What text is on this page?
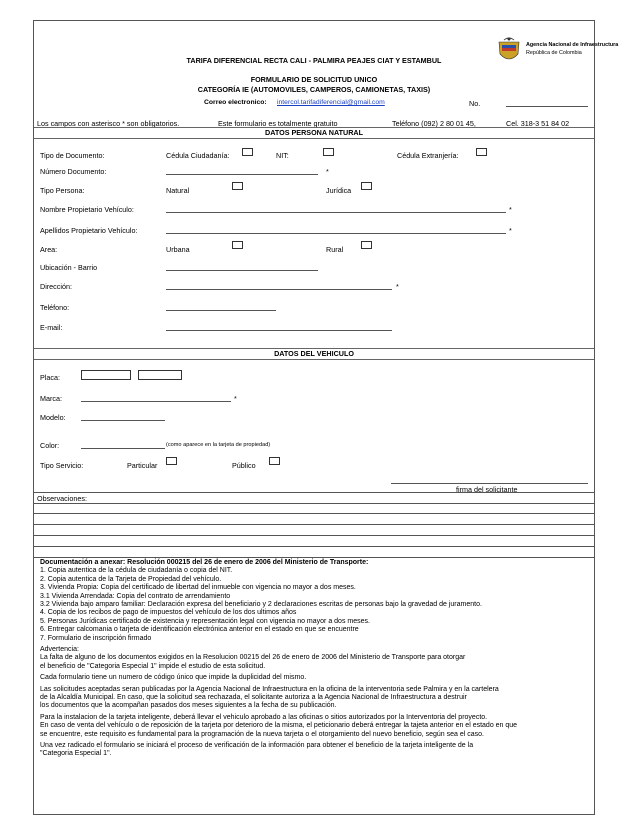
Agencia Nacional de Infraestructura
República de Colombia
TARIFA DIFERENCIAL RECTA CALI - PALMIRA PEAJES CIAT Y ESTAMBUL
FORMULARIO DE SOLICITUD UNICO
CATEGORÍA IE (AUTOMOVILES, CAMPEROS, CAMIONETAS, TAXIS)
Correo electronico: intercol.tarifadiferencial@gmail.com	No.
Los campos con asterisco * son obligatorios.	Este formulario es totalmente gratuito	Teléfono (092) 2 80 01 45,	Cel. 318-3 51 84 02
DATOS PERSONA NATURAL
Tipo de Documento:	Cédula Ciudadanía:	NIT:	Cédula Extranjería:
Número Documento:	*
Tipo Persona:	Natural	Jurídica
Nombre Propietario Vehículo:	*
Apellidos Propietario Vehículo:	*
Area:	Urbana	Rural
Ubicación - Barrio
Dirección:	*
Teléfono:
E-mail:
DATOS DEL VEHICULO
Placa:
Marca:	*
Modelo:
Color:	(como aparece en la tarjeta de propiedad)
Tipo Servicio:	Particular	Público
firma del solicitante
Observaciones:
Documentación a anexar: Resolución 000215 del 26 de enero de 2006 del Ministerio de Transporte:
1. Copia autentica de la cédula de ciudadanía o copia del NIT.
2. Copia autentica de la Tarjeta de Propiedad del vehículo.
3. Vivienda Propia: Copia del certificado de libertad del inmueble con vigencia no mayor a dos meses.
3.1 Vivienda Arrendada: Copia del contrato de arrendamiento
3.2 Vivienda bajo amparo familiar: Declaración expresa del beneficiario y 2 declaraciones escritas de personas bajo la gravedad de juramento.
4. Copia de los recibos de pago de impuestos del vehículo de los dos ultimos años
5. Personas Jurídicas certificado de existencia y representación legal con vigencia no mayor a dos meses.
6. Entregar calcomania o tarjeta de identificación electrónica anterior en el estado en que se encuentre
7. Formulario de inscripción firmado
Advertencia:
La falta de alguno de los documentos exigidos en la Resolucion 00215 del 26 de enero de 2006 del Ministerio de Transporte para otorgar
el beneficio de "Categoria Especial 1" impide el estudio de esta solicitud.
Cada formulario tiene un numero de código único que impide la duplicidad del mismo.
Las solicitudes aceptadas seran publicadas por la Agencia Nacional de Infraestructura en la oficina de la interventoria sede Palmira y en la cartelera
de la Alcaldía Municipal. En caso, que la solicitud sea rechazada, el solicitante autoriza a la Agencia Nacional de Infraestructura a destruir
los documentos que la acompañan pasados dos meses siguientes a la fecha de su publicación.
Para la instalacion de la tarjeta inteligente, deberá llevar el vehiculo aprobado a las oficinas o sitios autorizados por la Interventoria del proyecto.
En caso de venta del vehículo o de reposición de la tarjeta por deterioro de la misma, el peticionario deberá entregar la tajeta anterior en el estado en que
se encuentre, este requisito es fundamental para la programación de la nueva tarjeta o el otorgamiento del nuevo beneficio, según sea el caso.
Una vez radicado el formulario se iniciará el proceso de verificación de la información para obtener el beneficio de la tarjeta inteligente de la
"Categoria Especial 1".
